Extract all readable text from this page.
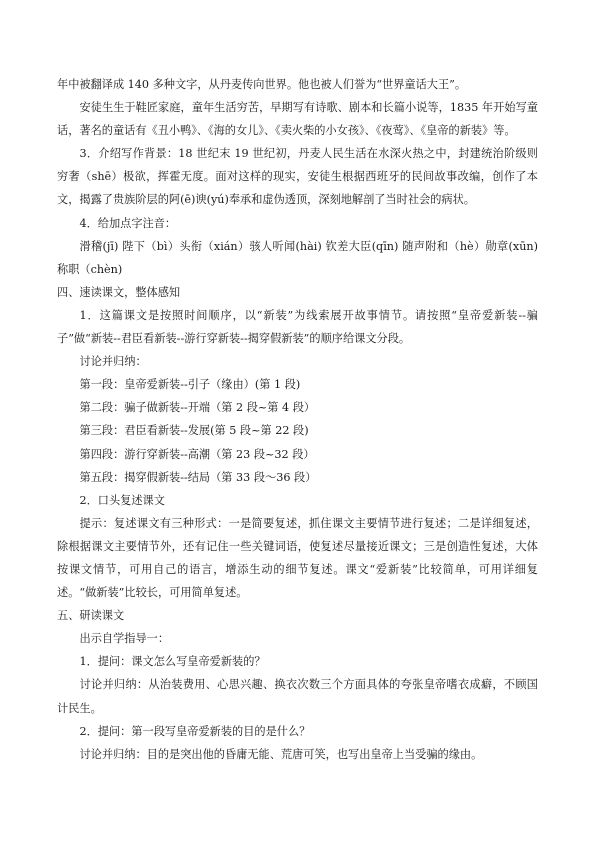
年中被翻译成 140 多种文字，从丹麦传向世界。他也被人们誉为“世界童话大王”。

安徒生生于鞋匠家庭，童年生活穷苦，早期写有诗歌、剧本和长篇小说等，1835 年开始写童话，著名的童话有《丑小鸭》、《海的女儿》、《卖火柴的小女孩》、《夜莺》、《皇帝的新装》等。

3．介绍写作背景：18 世纪末 19 世纪初，丹麦人民生活在水深火热之中，封建统治阶级则穷奢（shē）极欲，挥霍无度。面对这样的现实，安徒生根据西班牙的民间故事改编，创作了本文，揭露了贵族阶层的阿(ē)谀(yú)奉承和虚伪透顶，深刻地解剖了当时社会的病状。

4．给加点字注音：

滑稽(jī) 陛下（bì）头衔（xián）骇人听闻(hài) 钦差大臣(qīn) 随声附和（hè）勋章(xūn) 称职（chèn)

四、速读课文，整体感知

1．这篇课文是按照时间顺序，以“新装”为线索展开故事情节。请按照“皇帝爱新装--骗子”做“新装--君臣看新装--游行穿新装--揭穿假新装”的顺序给课文分段。

讨论并归纳：

第一段：皇帝爱新装--引子（缘由）(第 1 段)

第二段：骗子做新装--开端（第 2 段~第 4 段）

第三段：君臣看新装--发展(第 5 段~第 22 段)

第四段：游行穿新装--高潮（第 23 段~32 段）

第五段：揭穿假新装--结局（第 33 段～36 段）

2．口头复述课文

提示：复述课文有三种形式：一是简要复述，抓住课文主要情节进行复述；二是详细复述，除根据课文主要情节外，还有记住一些关键词语，使复述尽量接近课文；三是创造性复述，大体按课文情节，可用自己的语言，增添生动的细节复述。课文“爱新装”比较简单，可用详细复述。“做新装”比较长，可用简单复述。

五、研读课文

出示自学指导一：

1．提问：课文怎么写皇帝爱新装的？

讨论并归纳：从治装费用、心思兴趣、换衣次数三个方面具体的夸张皇帝嗜衣成癖，不顾国计民生。

2．提问：第一段写皇帝爱新装的目的是什么？

讨论并归纳：目的是突出他的昏庸无能、荒唐可笑，也写出皇帝上当受骗的缘由。
